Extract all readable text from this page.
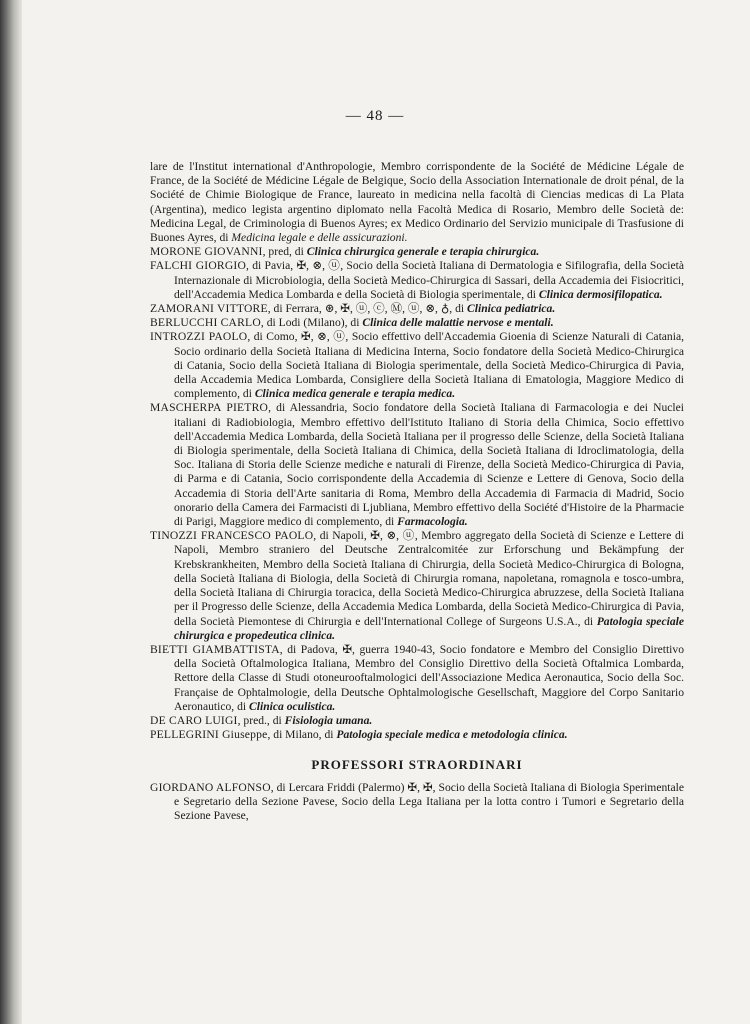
— 48 —
lare de l'Institut international d'Anthropologie, Membro corrispondente de la Société de Médicine Légale de France, de la Société de Médicine Légale de Belgique, Socio della Association Internationale de droit pénal, de la Société de Chimie Biologique de France, laureato in medicina nella facoltà di Ciencias medicas di La Plata (Argentina), medico legista argentino diplomato nella Facoltà Medica di Rosario, Membro delle Società de: Medicina Legal, de Criminologia di Buenos Ayres; ex Medico Ordinario del Servizio municipale di Trasfusione di Buones Ayres, di Medicina legale e delle assicurazioni.
MORONE GIOVANNI, pred, di Clinica chirurgica generale e terapia chirurgica.
FALCHI GIORGIO, di Pavia, ✠, ⊗, ⓤ, Socio della Società Italiana di Dermatologia e Sifilografia, della Società Internazionale di Microbiologia, della Società Medico-Chirurgica di Sassari, della Accademia dei Fisiocritici, dell'Accademia Medica Lombarda e della Società di Biologia sperimentale, di Clinica dermosifilopatica.
ZAMORANI VITTORE, di Ferrara, ⊛, ✠, ⓤ, ⓒ, Ⓜ, ⓤ, ⊗, ♁, di Clinica pediatrica.
BERLUCCHI CARLO, di Lodi (Milano), di Clinica delle malattie nervose e mentali.
INTROZZI PAOLO, di Como, ✠, ⊗, ⓤ, Socio effettivo dell'Accademia Gioenia di Scienze Naturali di Catania, Socio ordinario della Società Italiana di Medicina Interna, Socio fondatore della Società Medico-Chirurgica di Catania, Socio della Società Italiana di Biologia sperimentale, della Società Medico-Chirurgica di Pavia, della Accademia Medica Lombarda, Consigliere della Società Italiana di Ematologia, Maggiore Medico di complemento, di Clinica medica generale e terapia medica.
MASCHERPA PIETRO, di Alessandria, Socio fondatore della Società Italiana di Farmacologia e dei Nuclei italiani di Radiobiologia, Membro effettivo dell'Istituto Italiano di Storia della Chimica, Socio effettivo dell'Accademia Medica Lombarda, della Società Italiana per il progresso delle Scienze, della Società Italiana di Biologia sperimentale, della Società Italiana di Chimica, della Società Italiana di Idroclimatologia, della Soc. Italiana di Storia delle Scienze mediche e naturali di Firenze, della Società Medico-Chirurgica di Pavia, di Parma e di Catania, Socio corrispondente della Accademia di Scienze e Lettere di Genova, Socio della Accademia di Storia dell'Arte sanitaria di Roma, Membro della Accademia di Farmacia di Madrid, Socio onorario della Camera dei Farmacisti di Ljubliana, Membro effettivo della Société d'Histoire de la Pharmacie di Parigi, Maggiore medico di complemento, di Farmacologia.
TINOZZI FRANCESCO PAOLO, di Napoli, ✠, ⊗, ⓤ, Membro aggregato della Società di Scienze e Lettere di Napoli, Membro straniero del Deutsche Zentralcomitée zur Erforschung und Bekämpfung der Krebskrankheiten, Membro della Società Italiana di Chirurgia, della Società Medico-Chirurgica di Bologna, della Società Italiana di Biologia, della Società di Chirurgia romana, napoletana, romagnola e tosco-umbra, della Società Italiana di Chirurgia toracica, della Società Medico-Chirurgica abruzzese, della Società Italiana per il Progresso delle Scienze, della Accademia Medica Lombarda, della Società Medico-Chirurgica di Pavia, della Società Piemontese di Chirurgia e dell'International College of Surgeons U.S.A., di Patologia speciale chirurgica e propedeutica clinica.
BIETTI GIAMBATTISTA, di Padova, ✠, guerra 1940-43, Socio fondatore e Membro del Consiglio Direttivo della Società Oftalmologica Italiana, Membro del Consiglio Direttivo della Società Oftalmica Lombarda, Rettore della Classe di Studi otoneurooftalmologici dell'Associazione Medica Aeronautica, Socio della Soc. Française de Ophtalmologie, della Deutsche Ophtalmologische Gesellschaft, Maggiore del Corpo Sanitario Aeronautico, di Clinica oculistica.
DE CARO LUIGI, pred., di Fisiologia umana.
PELLEGRINI Giuseppe, di Milano, di Patologia speciale medica e metodologia clinica.
PROFESSORI STRAORDINARI
GIORDANO ALFONSO, di Lercara Friddi (Palermo) ✠, ✠, Socio della Società Italiana di Biologia Sperimentale e Segretario della Sezione Pavese, Socio della Lega Italiana per la lotta contro i Tumori e Segretario della Sezione Pavese,
